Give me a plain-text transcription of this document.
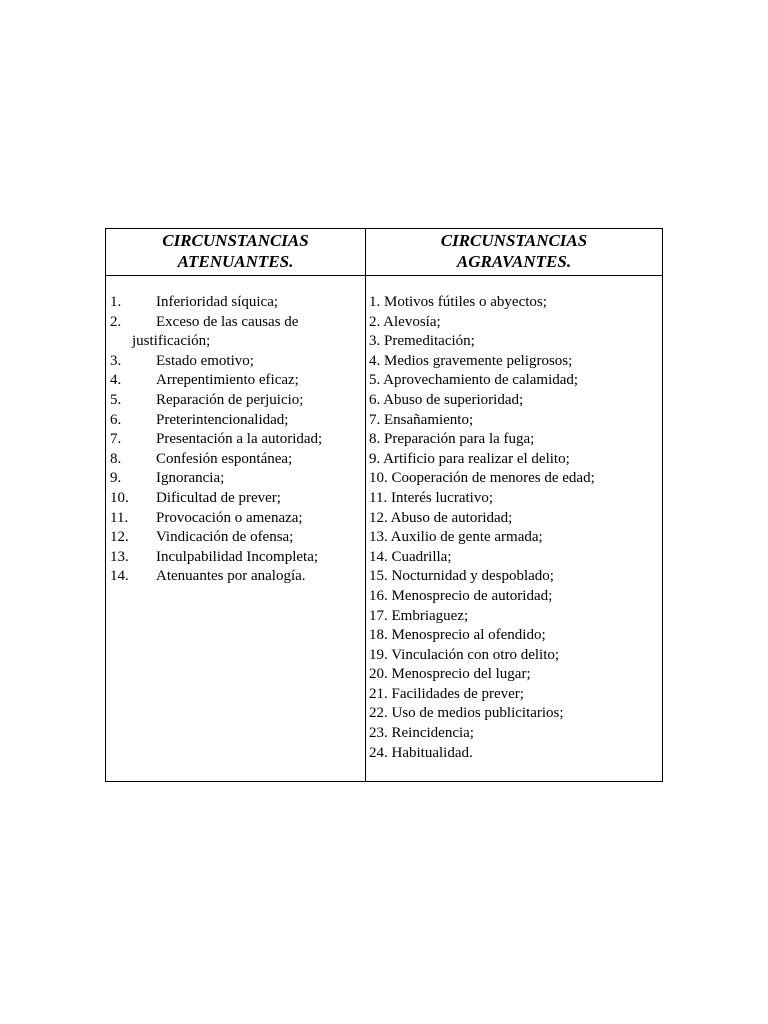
CIRCUNSTANCIAS
ATENUANTES.
CIRCUNSTANCIAS
AGRAVANTES.
1. Inferioridad síquica;
2. Exceso de las causas de
justificación;
3. Estado emotivo;
4. Arrepentimiento eficaz;
5. Reparación de perjuicio;
6. Preterintencionalidad;
7. Presentación a la autoridad;
8. Confesión espontánea;
9. Ignorancia;
10. Dificultad de prever;
11. Provocación o amenaza;
12. Vindicación de ofensa;
13. Inculpabilidad Incompleta;
14. Atenuantes por analogía.
1. Motivos fútiles o abyectos;
2. Alevosía;
3. Premeditación;
4. Medios gravemente peligrosos;
5. Aprovechamiento de calamidad;
6. Abuso de superioridad;
7. Ensañamiento;
8. Preparación para la fuga;
9. Artificio para realizar el delito;
10. Cooperación de menores de edad;
11. Interés lucrativo;
12. Abuso de autoridad;
13. Auxilio de gente armada;
14. Cuadrilla;
15. Nocturnidad y despoblado;
16. Menosprecio de autoridad;
17. Embriaguez;
18. Menosprecio al ofendido;
19. Vinculación con otro delito;
20. Menosprecio del lugar;
21. Facilidades de prever;
22. Uso de medios publicitarios;
23. Reincidencia;
24. Habitualidad.
